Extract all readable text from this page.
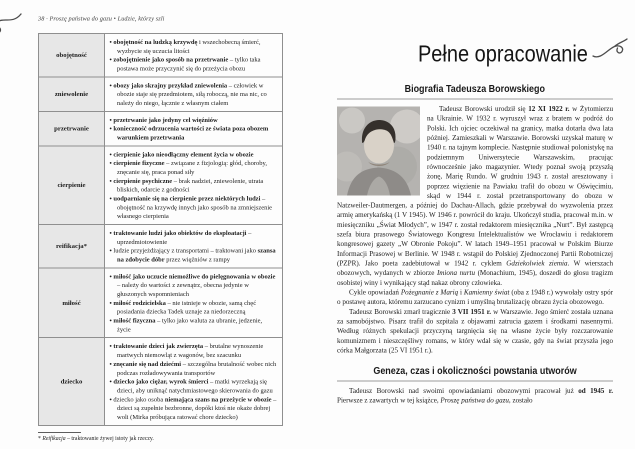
38 · Proszę państwa do gazu • Ludzie, którzy szli
obojętność	• obojętność na ludzką krzywdę i wszechobecną śmierć, wyzbycie się uczucia litości
• zobojętnienie jako sposób na przetrwanie – tylko taka postawa może przyczynić się do przeżycia obozu

zniewolenie	• obozy jako skrajny przykład zniewolenia – człowiek w obozie staje się przedmiotem, siłą roboczą, nie ma nic, co należy do niego, łącznie z własnym ciałem

przetrwanie	• przetrwanie jako jedyny cel więźniów
• konieczność odrzucenia wartości ze świata poza obozem warunkiem przetrwania

cierpienie	• cierpienie jako nieodłączny element życia w obozie
• cierpienie fizyczne – związane z fizjologią: głód, choroby, znęcanie się, praca ponad siły
• cierpienie psychiczne – brak nadziei, zniewolenie, utrata bliskich, odarcie z godności
• uodparnianie się na cierpienie przez niektórych ludzi – obojętność na krzywdę innych jako sposób na zmniejszenie własnego cierpienia

reifikacja*	• traktowanie ludzi jako obiektów do eksploatacji – uprzedmiotowienie
• ludzie przyjeżdżający z transportami – traktowani jako szansa na zdobycie dóbr przez więźniów z rampy

miłość	• miłość jako uczucie niemożliwe do pielęgnowania w obozie – należy do wartości z zewnątrz, obecna jedynie w głuszonych wspomnieniach
• miłość rodzicielska – nie istnieje w obozie, samą chęć posiadania dziecka Tadek uznaje za niedorzeczną
• miłość fizyczna – tylko jako waluta za ubranie, jedzenie, życie

dziecko	• traktowanie dzieci jak zwierzęta – brutalne wynoszenie martwych niemowląt z wagonów, bez szacunku
• znęcanie się nad dziećmi – szczególna brutalność wobec nich podczas rozładowywania transportów
• dziecko jako ciężar, wyrok śmierci – matki wyrzekają się dzieci, aby uniknąć natychmiastowego skierowania do gazu
• dziecko jako osoba niemająca szans na przeżycie w obozie – dzieci są zupełnie bezbronne, dopóki ktoś nie okaże dobrej woli (Mirka próbująca ratować chore dziecko)
* Reifikacja – traktowanie żywej istoty jak rzeczy.
Pełne opracowanie
Biografia Tadeusza Borowskiego

Tadeusz Borowski urodził się 12 XI 1922 r. w Żytomierzu na Ukrainie. W 1932 r. wyruszył wraz z bratem w podróż do Polski. Ich ojciec oczekiwał na granicy, matka dotarła dwa lata później. Zamieszkali w Warszawie. Borowski uzyskał maturę w 1940 r. na tajnym komplecie. Następnie studiował polonistykę na podziemnym Uniwersytecie Warszawskim, pracując równocześnie jako magazynier. Wtedy poznał swoją przyszłą żonę, Marię Rundo. W grudniu 1943 r. został aresztowany i poprzez więzienie na Pawiaku trafił do obozu w Oświęcimiu, skąd w 1944 r. został przetransportowany do obozu w Natzweiler-Dautmergen, a później do Dachau-Allach, gdzie przebywał do wyzwolenia przez armię amerykańską (1 V 1945). W 1946 r. powrócił do kraju. Ukończył studia, pracował m.in. w miesięczniku „Świat Młodych”, w 1947 r. został redaktorem miesięcznika „Nurt”. Był zastępcą szefa biura prasowego Światowego Kongresu Intelektualistów we Wrocławiu i redaktorem kongresowej gazety „W Obronie Pokoju”. W latach 1949–1951 pracował w Polskim Biurze Informacji Prasowej w Berlinie. W 1948 r. wstąpił do Polskiej Zjednoczonej Partii Robotniczej (PZPR). Jako poeta zadebiutował w 1942 r. cyklem Gdziekolwiek ziemia. W wierszach obozowych, wydanych w zbiorze Imiona nurtu (Monachium, 1945), doszedł do głosu tragizm osobistej winy i wynikający stąd nakaz obrony człowieka.

Cykle opowiadań Pożegnanie z Marią i Kamienny świat (oba z 1948 r.) wywołały ostry spór o postawę autora, któremu zarzucano cynizm i umyślną brutalizację obrazu życia obozowego.

Tadeusz Borowski zmarł tragicznie 3 VII 1951 r. w Warszawie. Jego śmierć została uznana za samobójstwo. Pisarz trafił do szpitala z objawami zatrucia gazem i środkami nasennymi. Według różnych spekulacji przyczyną targnięcia się na własne życie były rozczarowanie komunizmem i nieszczęśliwy romans, w który wdał się w czasie, gdy na świat przyszła jego córka Małgorzata (25 VI 1951 r.).

Geneza, czas i okoliczności powstania utworów

Tadeusz Borowski nad swoimi opowiadaniami obozowymi pracował już od 1945 r. Pierwsze z zawartych w tej książce, Proszę państwa do gazu, zostało
